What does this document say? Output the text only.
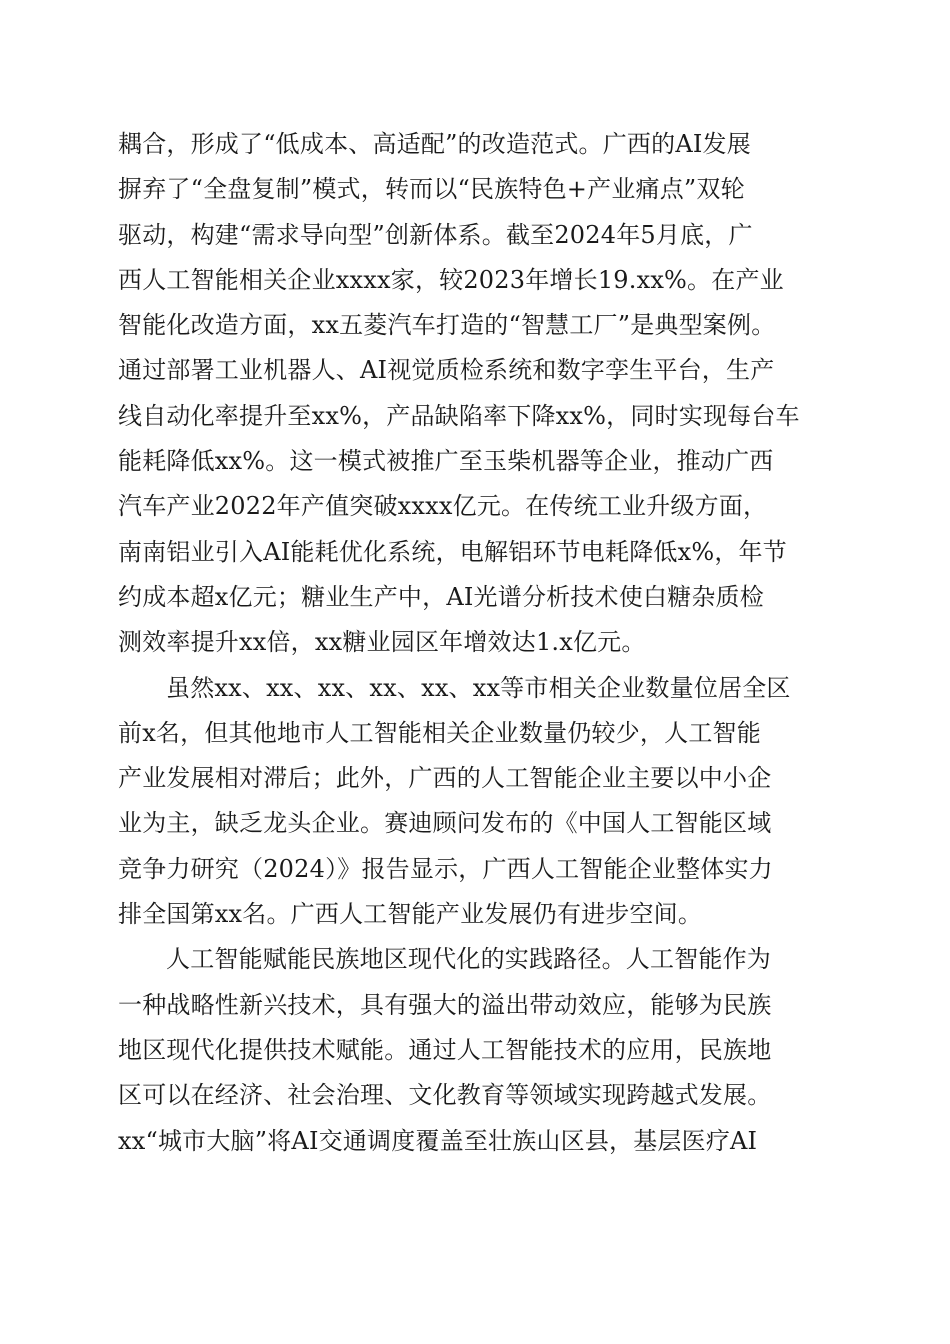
耦合，形成了“低成本、高适配”的改造范式。广西的AI发展
摒弃了“全盘复制”模式，转而以“民族特色+产业痛点”双轮
驱动，构建“需求导向型”创新体系。截至2024年5月底，广
西人工智能相关企业xxxx家，较2023年增长19.xx%。在产业
智能化改造方面，xx五菱汽车打造的“智慧工厂”是典型案例。
通过部署工业机器人、AI视觉质检系统和数字孪生平台，生产
线自动化率提升至xx%，产品缺陷率下降xx%，同时实现每台车
能耗降低xx%。这一模式被推广至玉柴机器等企业，推动广西
汽车产业2022年产值突破xxxx亿元。在传统工业升级方面，
南南铝业引入AI能耗优化系统，电解铝环节电耗降低x%，年节
约成本超x亿元；糖业生产中，AI光谱分析技术使白糖杂质检
测效率提升xx倍，xx糖业园区年增效达1.x亿元。
虽然xx、xx、xx、xx、xx、xx等市相关企业数量位居全区
前x名，但其他地市人工智能相关企业数量仍较少，人工智能
产业发展相对滞后；此外，广西的人工智能企业主要以中小企
业为主，缺乏龙头企业。赛迪顾问发布的《中国人工智能区域
竞争力研究（2024）》报告显示，广西人工智能企业整体实力
排全国第xx名。广西人工智能产业发展仍有进步空间。
人工智能赋能民族地区现代化的实践路径。人工智能作为
一种战略性新兴技术，具有强大的溢出带动效应，能够为民族
地区现代化提供技术赋能。通过人工智能技术的应用，民族地
区可以在经济、社会治理、文化教育等领域实现跨越式发展。
xx“城市大脑”将AI交通调度覆盖至壮族山区县，基层医疗AI
